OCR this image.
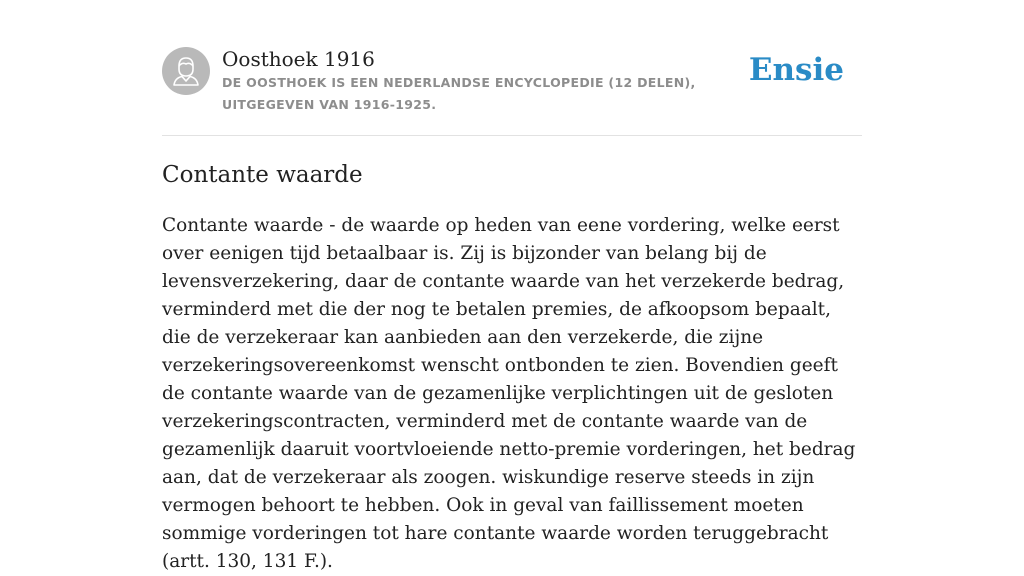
Oosthoek 1916
DE OOSTHOEK IS EEN NEDERLANDSE ENCYCLOPEDIE (12 DELEN), UITGEGEVEN VAN 1916-1925.
Ensie
Contante waarde

Contante waarde - de waarde op heden van eene vordering, welke eerst over eenigen tijd betaalbaar is. Zij is bijzonder van belang bij de levensverzekering, daar de contante waarde van het verzekerde bedrag, verminderd met die der nog te betalen premies, de afkoopsom bepaalt, die de verzekeraar kan aanbieden aan den verzekerde, die zijne verzekeringsovereenkomst wenscht ontbonden te zien. Bovendien geeft de contante waarde van de gezamenlijke verplichtingen uit de gesloten verzekeringscontracten, verminderd met de contante waarde van de gezamenlijk daaruit voortvloeiende netto-premie vorderingen, het bedrag aan, dat de verzekeraar als zoogen. wiskundige reserve steeds in zijn vermogen behoort te hebben. Ook in geval van faillissement moeten sommige vorderingen tot hare contante waarde worden teruggebracht (artt. 130, 131 F.).
